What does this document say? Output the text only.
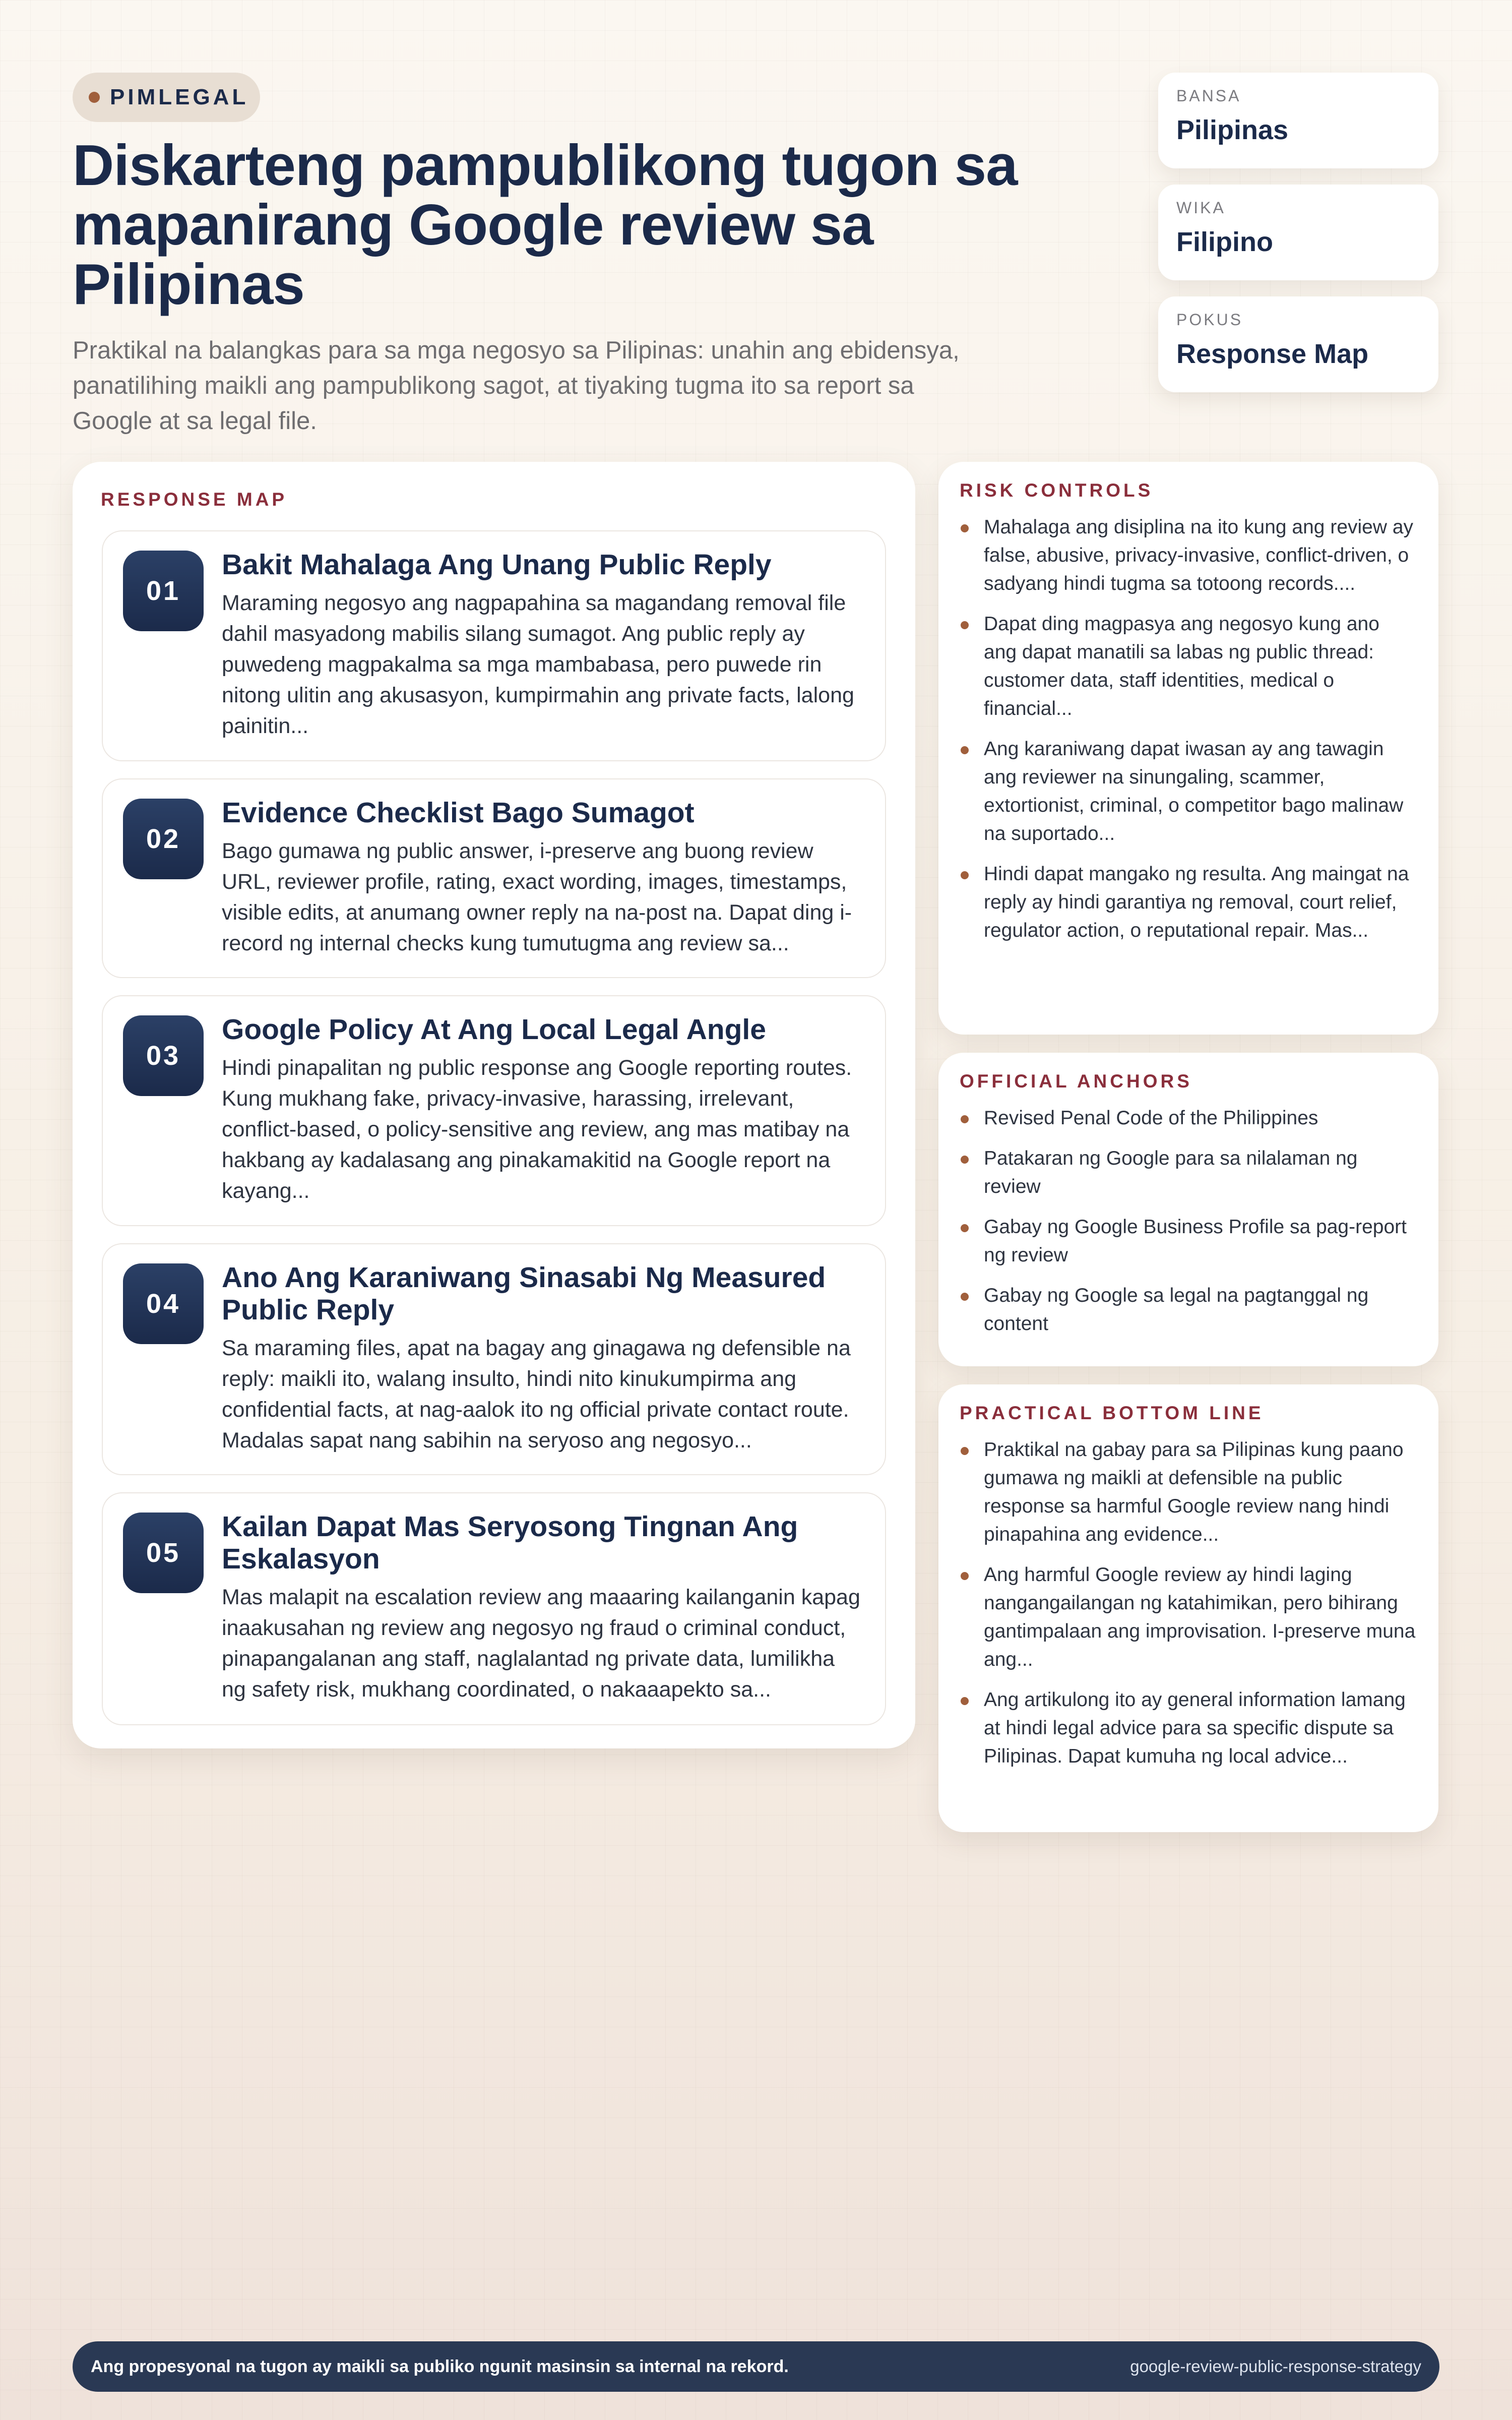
PIMLEGAL
Diskarteng pampublikong tugon sa mapanirang Google review sa Pilipinas

Praktikal na balangkas para sa mga negosyo sa Pilipinas: unahin ang ebidensya, panatilihing maikli ang pampublikong sagot, at tiyaking tugma ito sa report sa Google at sa legal file.

BANSA
Pilipinas
WIKA
Filipino
POKUS
Response Map
RESPONSE MAP
01
Bakit Mahalaga Ang Unang Public Reply

Maraming negosyo ang nagpapahina sa magandang removal file dahil masyadong mabilis silang sumagot. Ang public reply ay puwedeng magpakalma sa mga mambabasa, pero puwede rin nitong ulitin ang akusasyon, kumpirmahin ang private facts, lalong painitin...

02
Evidence Checklist Bago Sumagot

Bago gumawa ng public answer, i-preserve ang buong review URL, reviewer profile, rating, exact wording, images, timestamps, visible edits, at anumang owner reply na na-post na. Dapat ding i-record ng internal checks kung tumutugma ang review sa...

03
Google Policy At Ang Local Legal Angle

Hindi pinapalitan ng public response ang Google reporting routes. Kung mukhang fake, privacy-invasive, harassing, irrelevant, conflict-based, o policy-sensitive ang review, ang mas matibay na hakbang ay kadalasang ang pinakamakitid na Google report na kayang...

04
Ano Ang Karaniwang Sinasabi Ng Measured Public Reply

Sa maraming files, apat na bagay ang ginagawa ng defensible na reply: maikli ito, walang insulto, hindi nito kinukumpirma ang confidential facts, at nag-aalok ito ng official private contact route. Madalas sapat nang sabihin na seryoso ang negosyo...

05
Kailan Dapat Mas Seryosong Tingnan Ang Eskalasyon

Mas malapit na escalation review ang maaaring kailanganin kapag inaakusahan ng review ang negosyo ng fraud o criminal conduct, pinapangalanan ang staff, naglalantad ng private data, lumilikha ng safety risk, mukhang coordinated, o nakaaapekto sa...

RISK CONTROLS
Mahalaga ang disiplina na ito kung ang review ay false, abusive, privacy-invasive, conflict-driven, o sadyang hindi tugma sa totoong records....
Dapat ding magpasya ang negosyo kung ano ang dapat manatili sa labas ng public thread: customer data, staff identities, medical o financial...
Ang karaniwang dapat iwasan ay ang tawagin ang reviewer na sinungaling, scammer, extortionist, criminal, o competitor bago malinaw na suportado...
Hindi dapat mangako ng resulta. Ang maingat na reply ay hindi garantiya ng removal, court relief, regulator action, o reputational repair. Mas...
OFFICIAL ANCHORS
Revised Penal Code of the Philippines
Patakaran ng Google para sa nilalaman ng review
Gabay ng Google Business Profile sa pag-report ng review
Gabay ng Google sa legal na pagtanggal ng content
PRACTICAL BOTTOM LINE
Praktikal na gabay para sa Pilipinas kung paano gumawa ng maikli at defensible na public response sa harmful Google review nang hindi pinapahina ang evidence...
Ang harmful Google review ay hindi laging nangangailangan ng katahimikan, pero bihirang gantimpalaan ang improvisation. I-preserve muna ang...
Ang artikulong ito ay general information lamang at hindi legal advice para sa specific dispute sa Pilipinas. Dapat kumuha ng local advice...
Ang propesyonal na tugon ay maikli sa publiko ngunit masinsin sa internal na rekord.	google-review-public-response-strategy
